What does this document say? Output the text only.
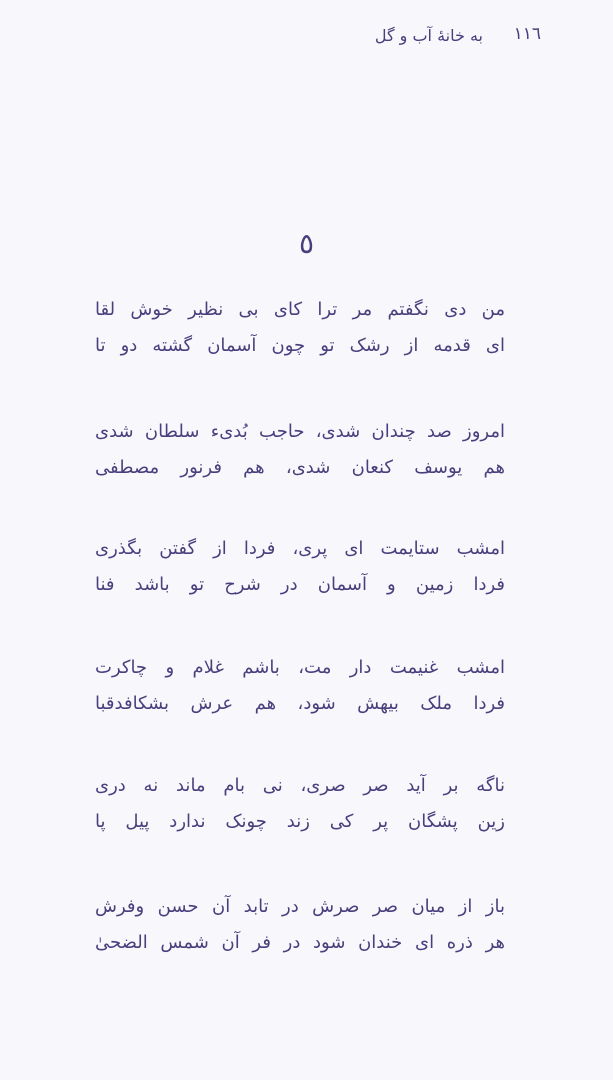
١١٦
به خانهٔ آب و گل
٥
من دی نگفتم مر ترا کای بی نظیر خوش لقا
ای قدمه از رشک تو چون آسمان گشته دو تا
امروز صد چندان شدی، حاجب بُدیء سلطان شدی
هم یوسف کنعان شدی، هم فرنور مصطفی
امشب ستایمت ای پری، فردا از گفتن بگذری
فردا زمین و آسمان در شرح تو باشد فنا
امشب غنیمت دار مت، باشم غلام و چاکرت
فردا ملک بیهش شود، هم عرش بشکافدقبا
ناگه بر آید صر صری، نی بام ماند نه دری
زین پشگان پر کی زند چونک ندارد پیل پا
باز از میان صر صرش در تابد آن حسن وفرش
هر ذره ای خندان شود در فر آن شمس الضحیٰ
